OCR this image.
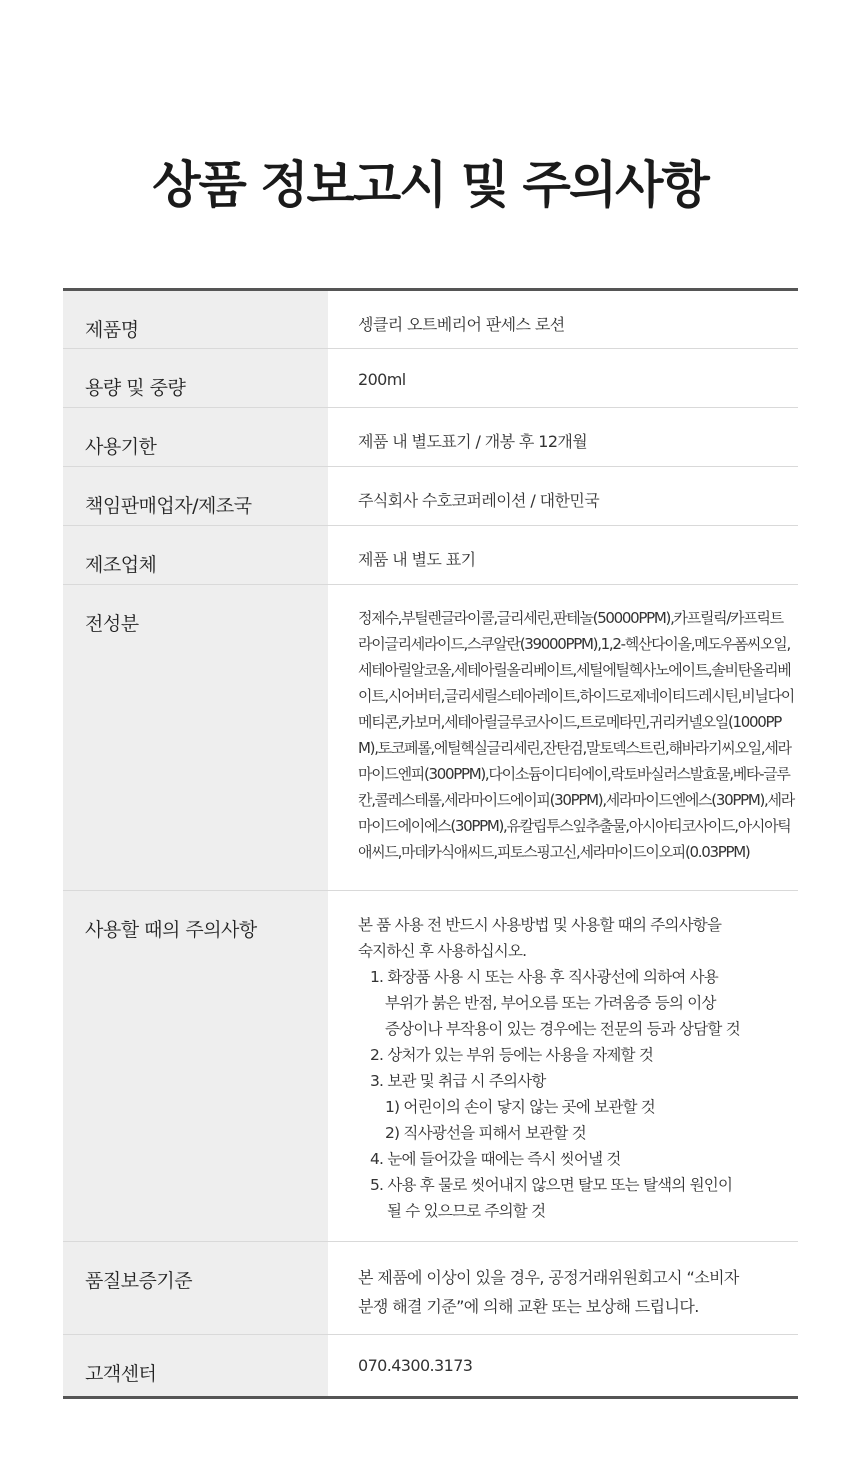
상품 정보고시 및 주의사항
제품명	셍클리 오트베리어 판세스 로션
용량 및 중량	200ml
사용기한	제품 내 별도표기 / 개봉 후 12개월
책임판매업자/제조국	주식회사 수호코퍼레이션 / 대한민국
제조업체	제품 내 별도 표기
전성분	정제수,부틸렌글라이콜,글리세린,판테놀(50000PPM),카프릴릭/카프릭트라이글리세라이드,스쿠알란(39000PPM),1,2-헥산다이올,메도우폼씨오일,세테아릴알코올,세테아릴올리베이트,세틸에틸헥사노에이트,솔비탄올리베이트,시어버터,글리세릴스테아레이트,하이드로제네이티드레시틴,비닐다이메티콘,카보머,세테아릴글루코사이드,트로메타민,귀리커넬오일(1000PPM),토코페롤,에틸헥실글리세린,잔탄검,말토덱스트린,해바라기씨오일,세라마이드엔피(300PPM),다이소듐이디티에이,락토바실러스발효물,베타-글루칸,콜레스테롤,세라마이드에이피(30PPM),세라마이드엔에스(30PPM),세라마이드에이에스(30PPM),유칼립투스잎추출물,아시아티코사이드,아시아틱애씨드,마데카식애씨드,피토스핑고신,세라마이드이오피(0.03PPM)
사용할 때의 주의사항	본 품 사용 전 반드시 사용방법 및 사용할 때의 주의사항을
숙지하신 후 사용하십시오.
1. 화장품 사용 시 또는 사용 후 직사광선에 의하여 사용
부위가 붉은 반점, 부어오름 또는 가려움증 등의 이상
증상이나 부작용이 있는 경우에는 전문의 등과 상담할 것
2. 상처가 있는 부위 등에는 사용을 자제할 것
3. 보관 및 취급 시 주의사항
1) 어린이의 손이 닿지 않는 곳에 보관할 것
2) 직사광선을 피해서 보관할 것
4. 눈에 들어갔을 때에는 즉시 씻어낼 것
5. 사용 후 물로 씻어내지 않으면 탈모 또는 탈색의 원인이
될 수 있으므로 주의할 것
품질보증기준	본 제품에 이상이 있을 경우, 공정거래위원회고시 “소비자
분쟁 해결 기준”에 의해 교환 또는 보상해 드립니다.
고객센터	070.4300.3173
